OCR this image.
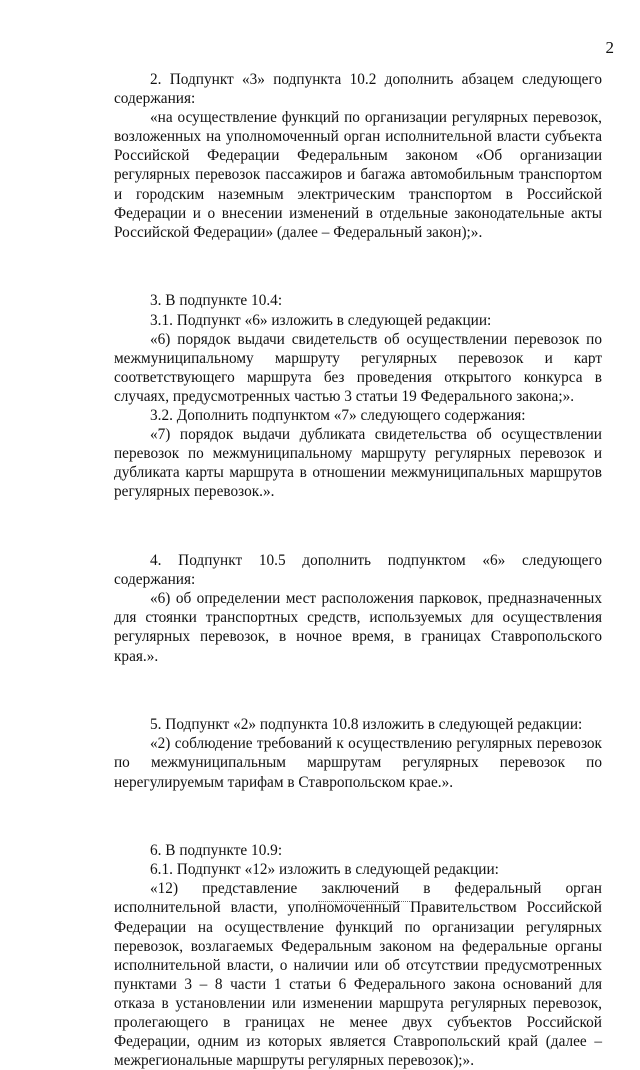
2

2. Подпункт «3» подпункта 10.2 дополнить абзацем следующего содержания:

«на осуществление функций по организации регулярных перевозок, возложенных на уполномоченный орган исполнительной власти субъекта Российской Федерации Федеральным законом «Об организации регулярных перевозок пассажиров и багажа автомобильным транспортом и городским наземным электрическим транспортом в Российской Федерации и о внесении изменений в отдельные законодательные акты Российской Федерации» (далее – Федеральный закон);».

3. В подпункте 10.4:

3.1. Подпункт «6» изложить в следующей редакции:

«6) порядок выдачи свидетельств об осуществлении перевозок по межмуниципальному маршруту регулярных перевозок и карт соответствующего маршрута без проведения открытого конкурса в случаях, предусмотренных частью 3 статьи 19 Федерального закона;».

3.2. Дополнить подпунктом «7» следующего содержания:

«7) порядок выдачи дубликата свидетельства об осуществлении перевозок по межмуниципальному маршруту регулярных перевозок и дубликата карты маршрута в отношении межмуниципальных маршрутов регулярных перевозок.».

4. Подпункт 10.5 дополнить подпунктом «6» следующего содержания:

«6) об определении мест расположения парковок, предназначенных для стоянки транспортных средств, используемых для осуществления регулярных перевозок, в ночное время, в границах Ставропольского края.».

5. Подпункт «2» подпункта 10.8 изложить в следующей редакции:

«2) соблюдение требований к осуществлению регулярных перевозок по межмуниципальным маршрутам регулярных перевозок по нерегулируемым тарифам в Ставропольском крае.».

6. В подпункте 10.9:

6.1. Подпункт «12» изложить в следующей редакции:

«12) представление заключений в федеральный орган исполнительной власти, уполномоченный Правительством Российской Федерации на осуществление функций по организации регулярных перевозок, возлагаемых Федеральным законом на федеральные органы исполнительной власти, о наличии или об отсутствии предусмотренных пунктами 3 – 8 части 1 статьи 6 Федерального закона оснований для отказа в установлении или изменении маршрута регулярных перевозок, пролегающего в границах не менее двух субъектов Российской Федерации, одним из которых является Ставропольский край (далее – межрегиональные маршруты регулярных перевозок);».
